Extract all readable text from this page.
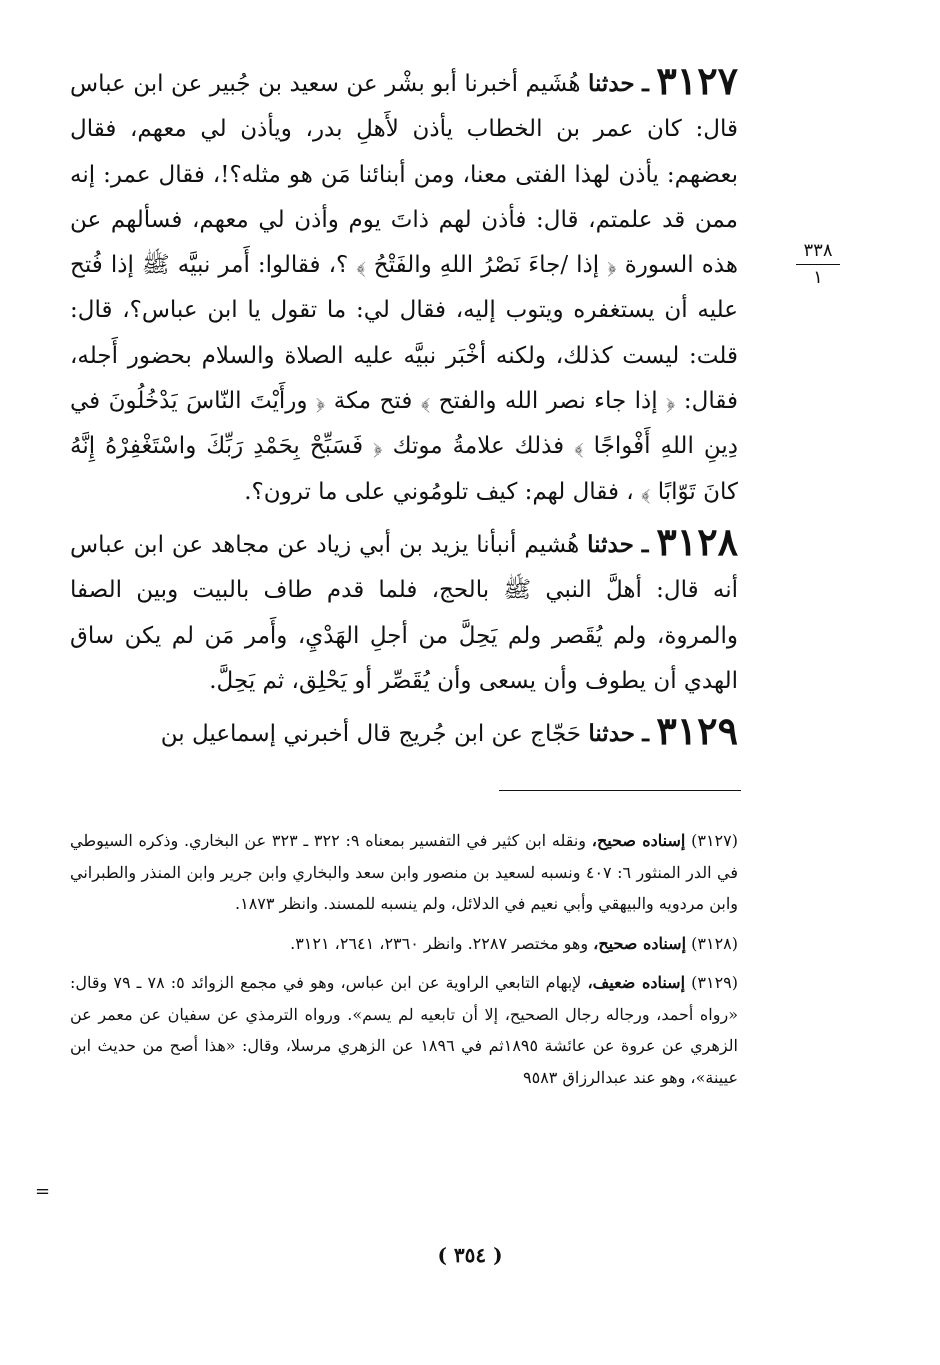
٣١٢٧ ـ حدثنا هُشَيم أخبرنا أبو بشْر عن سعيد بن جُبير عن ابن عباس قال: كان عمر بن الخطاب يأذن لأَهلِ بدر، ويأذن لي معهم، فقال بعضهم: يأذن لهذا الفتى معنا، ومن أبنائنا مَن هو مثله؟!، فقال عمر: إنه ممن قد علمتم، قال: فأذن لهم ذاتَ يوم وأذن لي معهم، فسألهم عن هذه السورة ﴿ إذا /جاءَ نَصْرُ اللهِ والفَتْحُ ﴾ ؟، فقالوا: أَمر نبيَّه ﷺ إذا فُتح عليه أن يستغفره ويتوب إليه، فقال لي: ما تقول يا ابن عباس؟، قال: قلت: ليست كذلك، ولكنه أخْبَر نبيَّه عليه الصلاة والسلام بحضور أَجله، فقال: ﴿ إذا جاء نصر الله والفتح ﴾ فتح مكة ﴿ ورأَيْتَ النّاسَ يَدْخُلُونَ في دِينِ اللهِ أَفْواجًا ﴾ فذلك علامةُ موتك ﴿ فَسَبِّحْ بِحَمْدِ رَبِّكَ واسْتَغْفِرْهُ إِنَّهُ كانَ تَوّابًا ﴾ ، فقال لهم: كيف تلومُوني على ما ترون؟.

٣١٢٨ ـ حدثنا هُشيم أنبأنا يزيد بن أبي زياد عن مجاهد عن ابن عباس أنه قال: أهلَّ النبي ﷺ بالحج، فلما قدم طاف بالبيت وبين الصفا والمروة، ولم يُقَصر ولم يَحِلَّ من أجلِ الهَدْيِ، وأَمر مَن لم يكن ساق الهدي أن يطوف وأن يسعى وأن يُقَصِّر أو يَحْلِق، ثم يَحِلَّ.

٣١٢٩ ـ حدثنا حَجّاج عن ابن جُريج قال أخبرني إسماعيل بن

٣٣٨
١

(٣١٢٧) إسناده صحيح، ونقله ابن كثير في التفسير بمعناه ٩: ٣٢٢ ـ ٣٢٣ عن البخاري. وذكره السيوطي في الدر المنثور ٦: ٤٠٧ ونسبه لسعيد بن منصور وابن سعد والبخاري وابن جرير وابن المنذر والطبراني وابن مردويه والبيهقي وأبي نعيم في الدلائل، ولم ينسبه للمسند. وانظر ١٨٧٣.

(٣١٢٨) إسناده صحيح، وهو مختصر ٢٢٨٧. وانظر ٢٣٦٠، ٢٦٤١، ٣١٢١.

(٣١٢٩) إسناده ضعيف، لإبهام التابعي الراوية عن ابن عباس، وهو في مجمع الزوائد ٥: ٧٨ ـ ٧٩ وقال: «رواه أحمد، ورجاله رجال الصحيح، إلا أن تابعيه لم يسم». ورواه الترمذي عن سفيان عن معمر عن الزهري عن عروة عن عائشة ١٨٩٥ثم في ١٨٩٦ عن الزهري مرسلا، وقال: «هذا أصح من حديث ابن عيينة»، وهو عند عبدالرزاق ٩٥٨٣

=
( ٣٥٤ )
